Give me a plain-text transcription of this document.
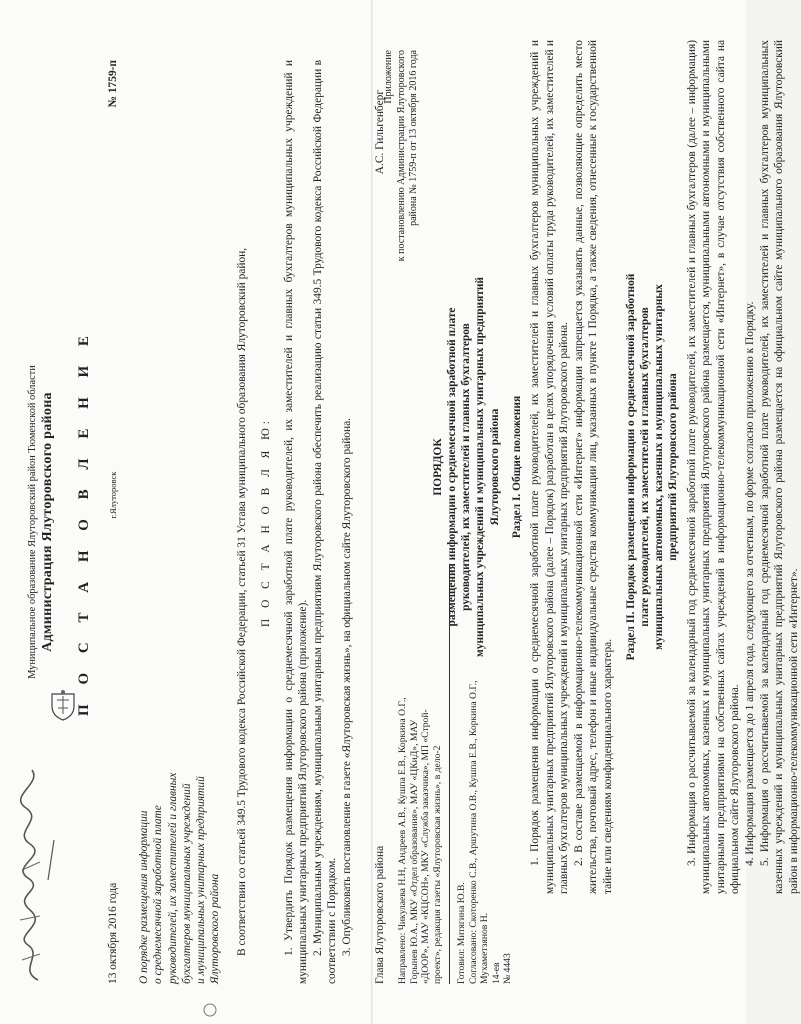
Муниципальное образование Ялуторовский район Тюменской области Администрация Ялуторовского района П О С Т А Н О В Л Е Н И Е
13 октября 2016 года
г.Ялуторовск
№ 1759-п
О порядке размещения информации о среднемесячной заработной плате руководителей, их заместителей и главных бухгалтеров муниципальных учреждений и муниципальных унитарных предприятий Ялуторовского района В соответствии со статьей 349.5 Трудового кодекса Российской Федерации, статьей 31 Устава муниципального образования Ялуторовский район, П О С Т А Н О В Л Я Ю: 1. Утвердить Порядок размещения информации о среднемесячной заработной плате руководителей, их заместителей и главных бухгалтеров муниципальных учреждений и муниципальных унитарных предприятий Ялуторовского района (приложение). 2. Муниципальным учреждениям, муниципальным унитарным предприятиям Ялуторовского района обеспечить реализацию статьи 349.5 Трудового кодекса Российской Федерации в соответствии с Порядком. 3. Опубликовать постановление в газете «Ялуторовская жизнь», на официальном сайте Ялуторовского района. Глава Ялуторовского района
А.С. Гильгенберг
Направлено: Чикулаева Н.Н, Андреев А.В., Кушпа Е.В., Коркина О.Г., Горынев Ю.А., МКУ «Отдел образования», МАУ «ЦКиД», МАУ «ДООР», МАУ «КЦСОН», МКУ «Служба заказчика», МП «Строй- проект», редакция газеты «Ялуторовская жизнь», в дело-2 Готовил: Митягина Ю.В. Согласовано: Скоторенко С.В., Аршутина О.В., Кушпа Е.В., Коркина О.Г., Мухаметзянов Н. 14-ев № 4443
Приложение к постановлению Администрации Ялуторовского района № 1759-п от 13 октября 2016 года
ПОРЯДОК размещения информации о среднемесячной заработной плате руководителей, их заместителей и главных бухгалтеров муниципальных учреждений и муниципальных унитарных предприятий Ялуторовского района Раздел I. Общие положения 1. Порядок размещения информации о среднемесячной заработной плате руководителей, их заместителей и главных бухгалтеров муниципальных учреждений и муниципальных унитарных предприятий Ялуторовского района (далее – Порядок) разработан в целях упорядочения условий оплаты труда руководителей, их заместителей и главных бухгалтеров муниципальных учреждений и муниципальных унитарных предприятий Ялуторовского района. 2. В составе размещаемой в информационно-телекоммуникационной сети «Интернет» информации запрещается указывать данные, позволяющие определить место жительства, почтовый адрес, телефон и иные индивидуальные средства коммуникации лиц, указанных в пункте 1 Порядка, а также сведения, отнесенные к государственной тайне или сведениям конфиденциального характера.

Раздел II. Порядок размещения информации о среднемесячной заработной плате руководителей, их заместителей и главных бухгалтеров муниципальных автономных, казенных и муниципальных унитарных предприятий Ялуторовского района 3. Информация о рассчитываемой за календарный год среднемесячной заработной плате руководителей, их заместителей и главных бухгалтеров (далее – информация) муниципальных автономных, казенных и муниципальных унитарных предприятий Ялуторовского района размещается, муниципальными автономными и муниципальными унитарными предприятиями на собственных сайтах учреждений в информационно-телекоммуникационной сети «Интернет», в случае отсутствия собственного сайта на официальном сайте Ялуторовского района. 4. Информация размещается до 1 апреля года, следующего за отчетным, по форме согласно приложению к Порядку. 5. Информация о рассчитываемой за календарный год среднемесячной заработной плате руководителей, их заместителей и главных бухгалтеров муниципальных казенных учреждений и муниципальных унитарных предприятий Ялуторовского района размещается на официальном сайте муниципального образования Ялуторовский район в информационно-телекоммуникационной сети «Интернет».
